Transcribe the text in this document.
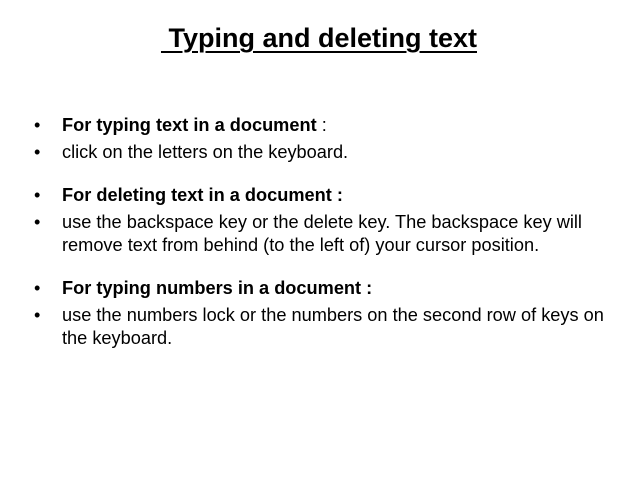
Typing and deleting text
• For typing text in a document :
• click on the letters on the keyboard.
• For deleting text in a document :
• use the backspace key or the delete key. The backspace key will remove text from behind (to the left of) your cursor position.
• For typing numbers in a document :
• use the numbers lock or the numbers on the second row of keys on the keyboard.
